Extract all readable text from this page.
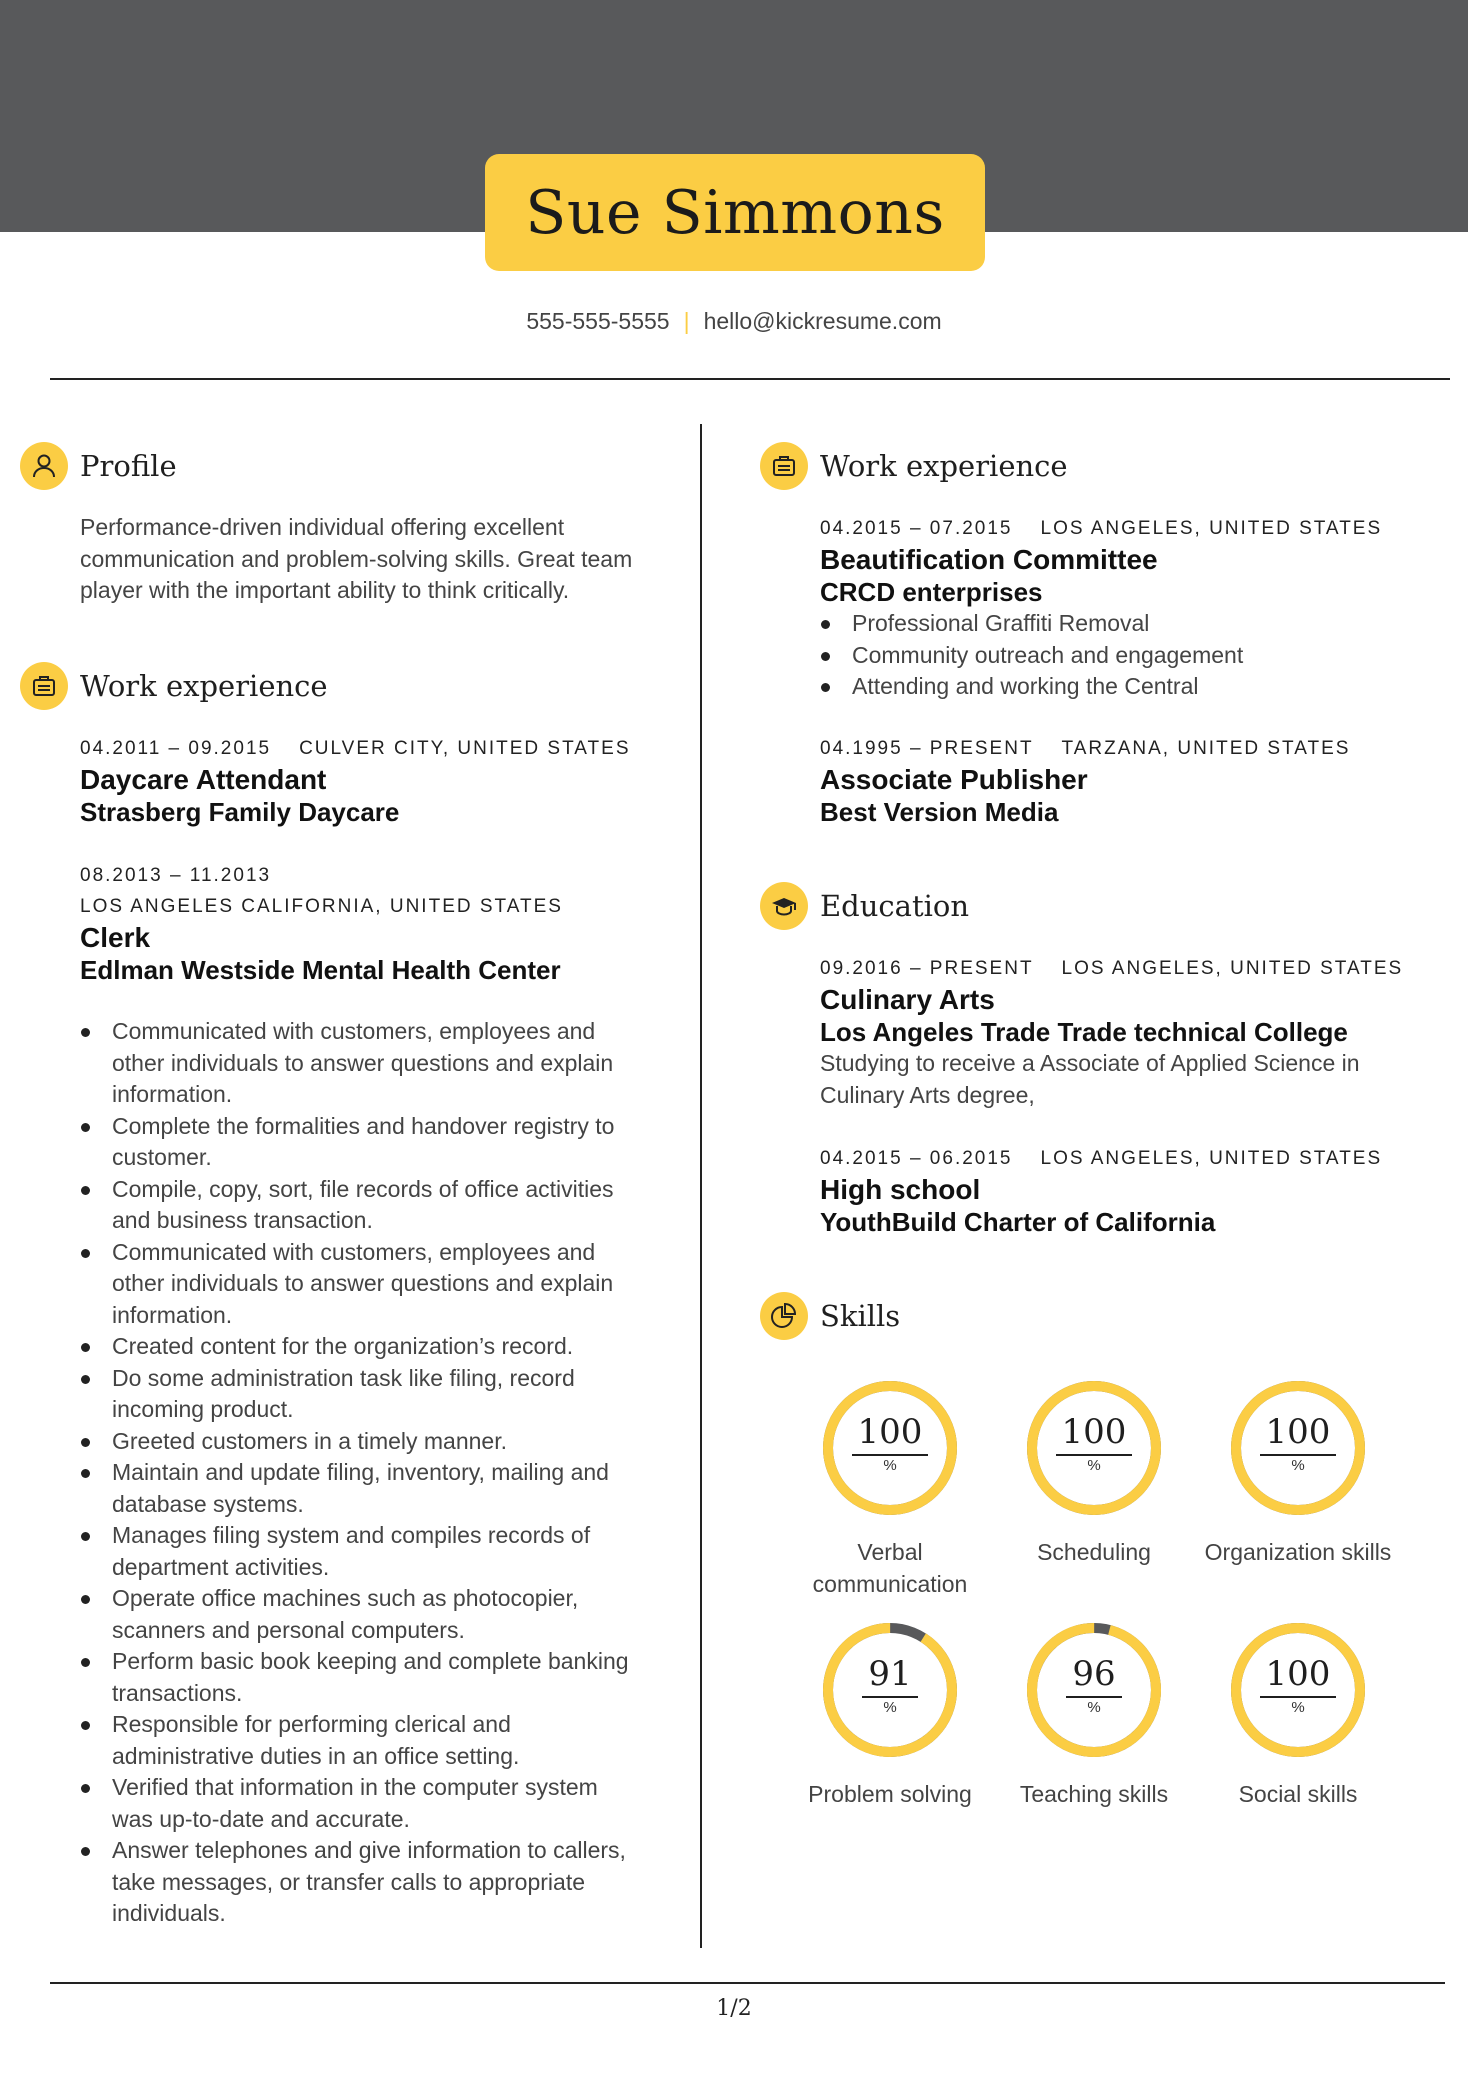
Sue Simmons
555-555-5555 | hello@kickresume.com
Profile
Performance-driven individual offering excellent
communication and problem-solving skills. Great team
player with the important ability to think critically.
Work experience
04.2011 – 09.2015 CULVER CITY, UNITED STATES
Daycare Attendant
Strasberg Family Daycare
08.2013 – 11.2013
LOS ANGELES CALIFORNIA, UNITED STATES
Clerk
Edlman Westside Mental Health Center
Communicated with customers, employees and
other individuals to answer questions and explain
information.
Complete the formalities and handover registry to
customer.
Compile, copy, sort, file records of office activities
and business transaction.
Communicated with customers, employees and
other individuals to answer questions and explain
information.
Created content for the organization’s record.
Do some administration task like filing, record
incoming product.
Greeted customers in a timely manner.
Maintain and update filing, inventory, mailing and
database systems.
Manages filing system and compiles records of
department activities.
Operate office machines such as photocopier,
scanners and personal computers.
Perform basic book keeping and complete banking
transactions.
Responsible for performing clerical and
administrative duties in an office setting.
Verified that information in the computer system
was up-to-date and accurate.
Answer telephones and give information to callers,
take messages, or transfer calls to appropriate
individuals.
Work experience
04.2015 – 07.2015 LOS ANGELES, UNITED STATES
Beautification Committee
CRCD enterprises
Professional Graffiti Removal
Community outreach and engagement
Attending and working the Central
04.1995 – PRESENT TARZANA, UNITED STATES
Associate Publisher
Best Version Media
Education
09.2016 – PRESENT LOS ANGELES, UNITED STATES
Culinary Arts
Los Angeles Trade Trade technical College
Studying to receive a Associate of Applied Science in
Culinary Arts degree,
04.2015 – 06.2015 LOS ANGELES, UNITED STATES
High school
YouthBuild Charter of California
Skills
100
%
Verbal
communication
100
%
Scheduling
100
%
Organization skills
91
%
Problem solving
96
%
Teaching skills
100
%
Social skills
1/2
